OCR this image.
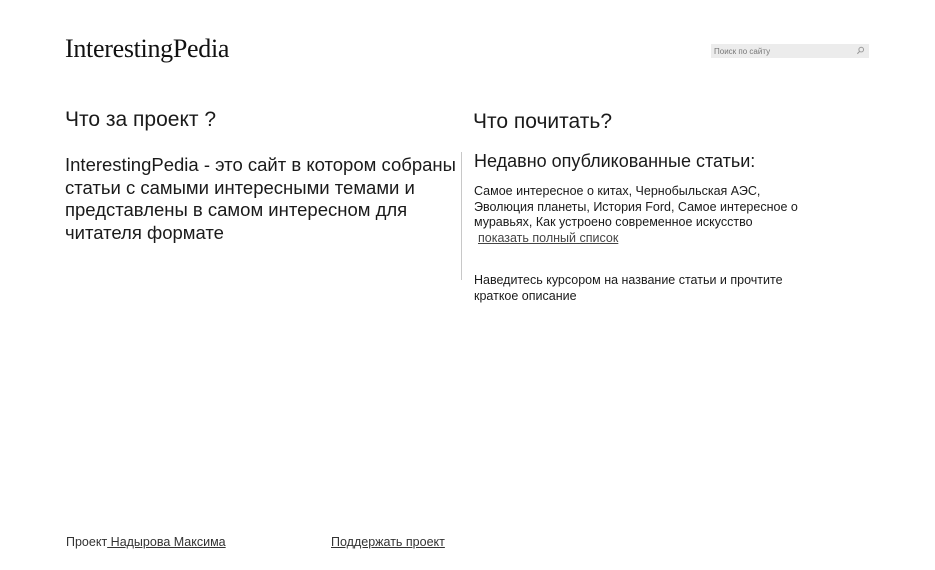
InterestingPedia
Поиск по сайту
Что за проект ?
InterestingPedia - это сайт в котором собраны статьи с самыми интересными темами и представлены в самом интересном для читателя формате
Что почитать?
Недавно опубликованные статьи:
Самое интересное о китах, Чернобыльская АЭС, Эволюция планеты, История Ford, Самое интересное о муравьях, Как устроено современное искусство показать полный список
Наведитесь курсором на название статьи и прочтите краткое описание
Проект Надырова Максима	Поддержать проект
